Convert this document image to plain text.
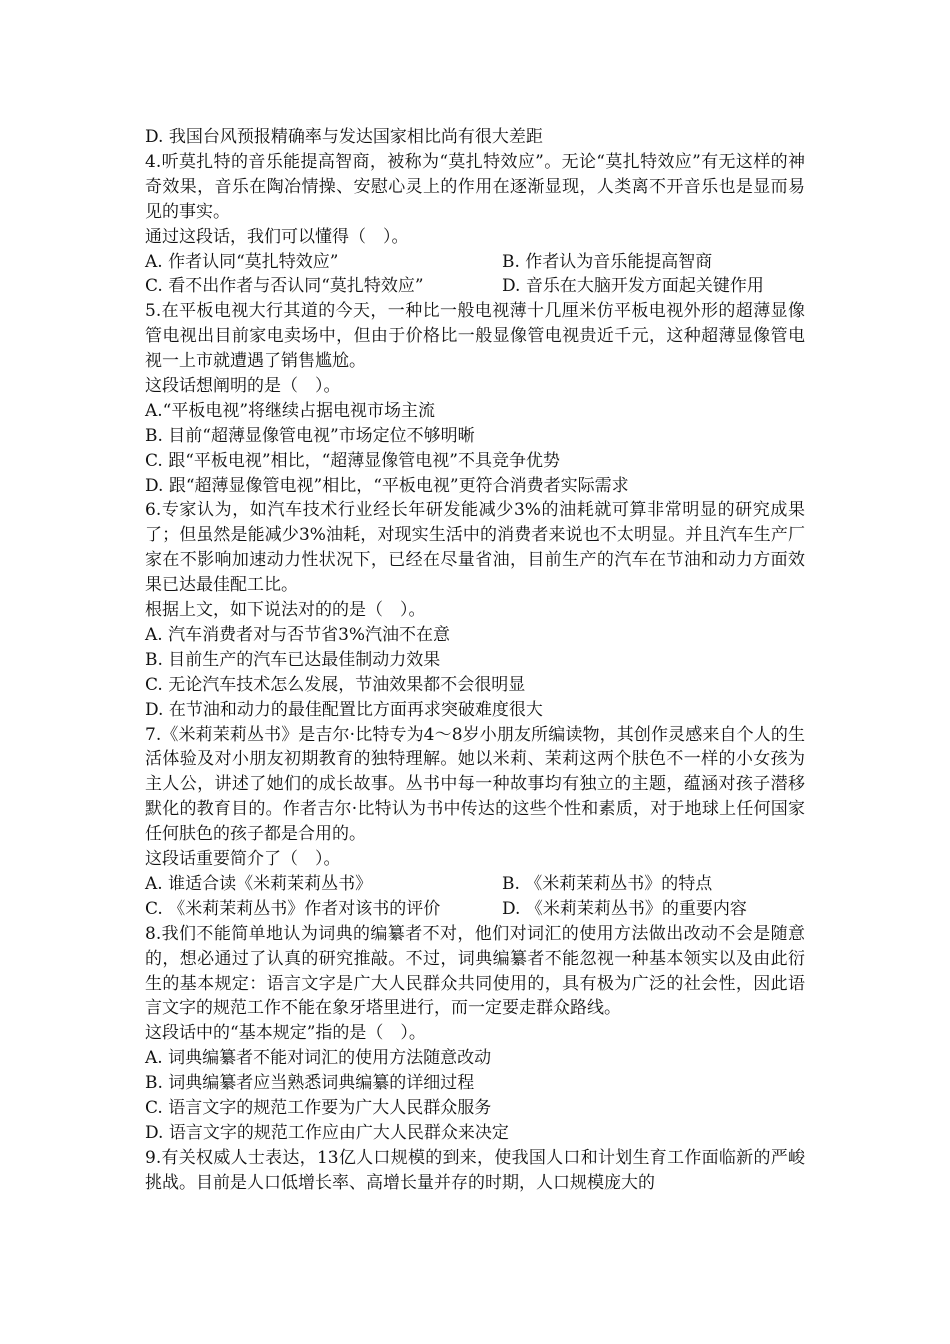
D. 我国台风预报精确率与发达国家相比尚有很大差距
4.听莫扎特的音乐能提高智商，被称为“莫扎特效应”。无论“莫扎特效应”有无这样的神奇效果，音乐在陶冶情操、安慰心灵上的作用在逐渐显现，人类离不开音乐也是显而易见的事实。
通过这段话，我们可以懂得（　）。
A. 作者认同“莫扎特效应”	B. 作者认为音乐能提高智商
C. 看不出作者与否认同“莫扎特效应”	D. 音乐在大脑开发方面起关键作用
5.在平板电视大行其道的今天，一种比一般电视薄十几厘米仿平板电视外形的超薄显像管电视出目前家电卖场中，但由于价格比一般显像管电视贵近千元，这种超薄显像管电视一上市就遭遇了销售尴尬。
这段话想阐明的是（　）。
A.“平板电视”将继续占据电视市场主流
B. 目前“超薄显像管电视”市场定位不够明晰
C. 跟“平板电视”相比，“超薄显像管电视”不具竞争优势
D. 跟“超薄显像管电视”相比，“平板电视”更符合消费者实际需求
6.专家认为，如汽车技术行业经长年研发能减少3%的油耗就可算非常明显的研究成果了；但虽然是能减少3%油耗，对现实生活中的消费者来说也不太明显。并且汽车生产厂家在不影响加速动力性状况下，已经在尽量省油，目前生产的汽车在节油和动力方面效果已达最佳配工比。
根据上文，如下说法对的的是（　）。
A. 汽车消费者对与否节省3%汽油不在意
B. 目前生产的汽车已达最佳制动力效果
C. 无论汽车技术怎么发展，节油效果都不会很明显
D. 在节油和动力的最佳配置比方面再求突破难度很大
7.《米莉茉莉丛书》是吉尔·比特专为4～8岁小朋友所编读物，其创作灵感来自个人的生活体验及对小朋友初期教育的独特理解。她以米莉、茉莉这两个肤色不一样的小女孩为主人公，讲述了她们的成长故事。丛书中每一种故事均有独立的主题，蕴涵对孩子潜移默化的教育目的。作者吉尔·比特认为书中传达的这些个性和素质，对于地球上任何国家任何肤色的孩子都是合用的。
这段话重要简介了（　）。
A. 谁适合读《米莉茉莉丛书》	B. 《米莉茉莉丛书》的特点
C. 《米莉茉莉丛书》作者对该书的评价	D. 《米莉茉莉丛书》的重要内容
8.我们不能简单地认为词典的编纂者不对，他们对词汇的使用方法做出改动不会是随意的，想必通过了认真的研究推敲。不过，词典编纂者不能忽视一种基本领实以及由此衍生的基本规定：语言文字是广大人民群众共同使用的，具有极为广泛的社会性，因此语言文字的规范工作不能在象牙塔里进行，而一定要走群众路线。
这段话中的“基本规定”指的是（　）。
A. 词典编纂者不能对词汇的使用方法随意改动
B. 词典编纂者应当熟悉词典编纂的详细过程
C. 语言文字的规范工作要为广大人民群众服务
D. 语言文字的规范工作应由广大人民群众来决定
9.有关权威人士表达，13亿人口规模的到来，使我国人口和计划生育工作面临新的严峻挑战。目前是人口低增长率、高增长量并存的时期，人口规模庞大的
